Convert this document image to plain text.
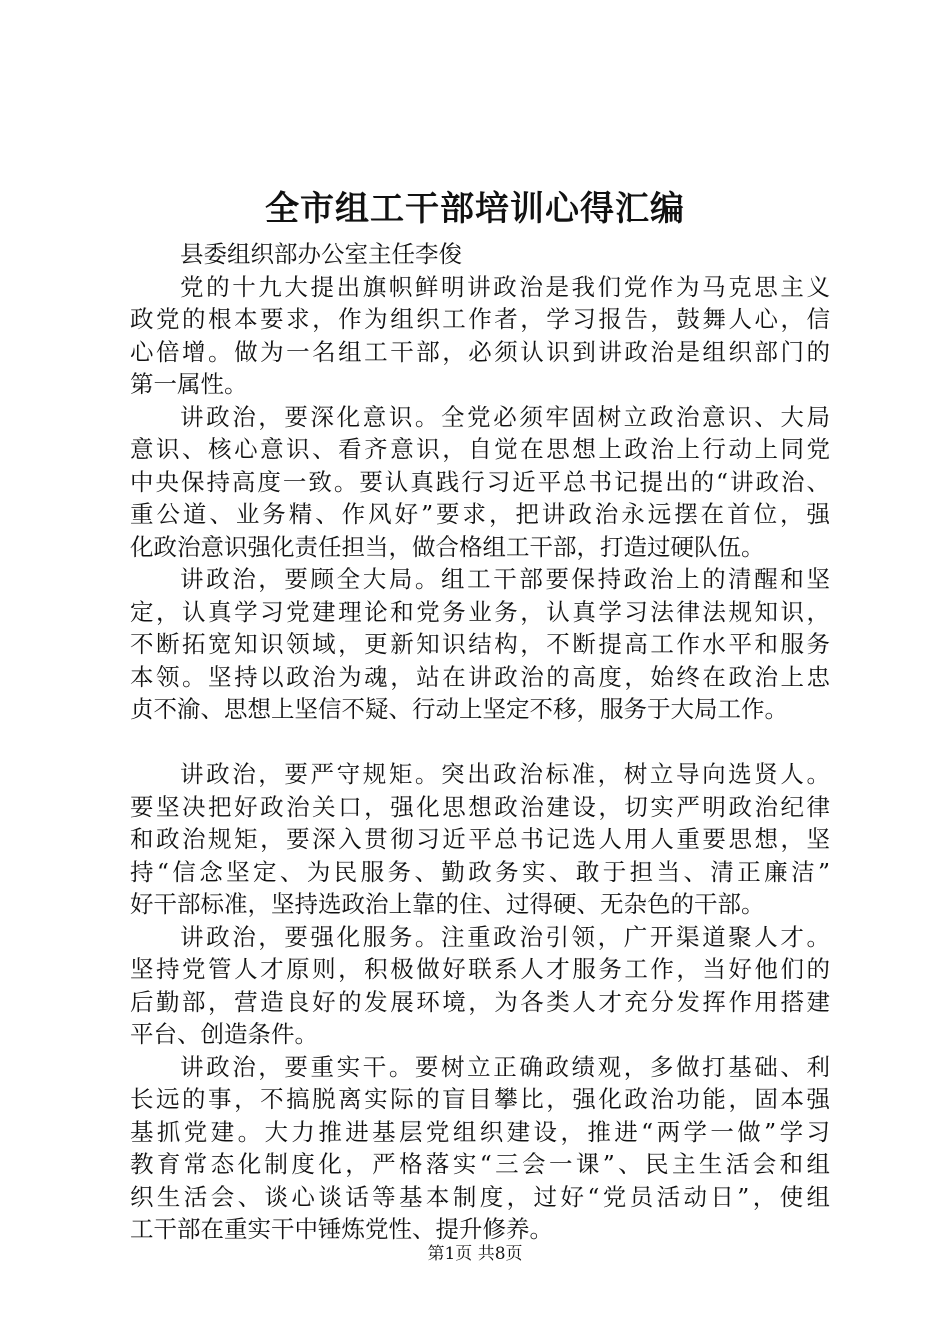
全市组工干部培训心得汇编
县委组织部办公室主任李俊
党的十九大提出旗帜鲜明讲政治是我们党作为马克思主义
政党的根本要求，作为组织工作者，学习报告，鼓舞人心，信
心倍增。做为一名组工干部，必须认识到讲政治是组织部门的
第一属性。
讲政治，要深化意识。全党必须牢固树立政治意识、大局
意识、核心意识、看齐意识，自觉在思想上政治上行动上同党
中央保持高度一致。要认真践行习近平总书记提出的“讲政治、
重公道、业务精、作风好”要求，把讲政治永远摆在首位，强
化政治意识强化责任担当，做合格组工干部，打造过硬队伍。
讲政治，要顾全大局。组工干部要保持政治上的清醒和坚
定，认真学习党建理论和党务业务，认真学习法律法规知识，
不断拓宽知识领域，更新知识结构，不断提高工作水平和服务
本领。坚持以政治为魂，站在讲政治的高度，始终在政治上忠
贞不渝、思想上坚信不疑、行动上坚定不移，服务于大局工作。
讲政治，要严守规矩。突出政治标准，树立导向选贤人。
要坚决把好政治关口，强化思想政治建设，切实严明政治纪律
和政治规矩，要深入贯彻习近平总书记选人用人重要思想，坚
持“信念坚定、为民服务、勤政务实、敢于担当、清正廉洁”
好干部标准，坚持选政治上靠的住、过得硬、无杂色的干部。
讲政治，要强化服务。注重政治引领，广开渠道聚人才。
坚持党管人才原则，积极做好联系人才服务工作，当好他们的
后勤部，营造良好的发展环境，为各类人才充分发挥作用搭建
平台、创造条件。
讲政治，要重实干。要树立正确政绩观，多做打基础、利
长远的事，不搞脱离实际的盲目攀比，强化政治功能，固本强
基抓党建。大力推进基层党组织建设，推进“两学一做”学习
教育常态化制度化，严格落实“三会一课”、民主生活会和组
织生活会、谈心谈话等基本制度，过好“党员活动日”，使组
工干部在重实干中锤炼党性、提升修养。
第1页 共8页
